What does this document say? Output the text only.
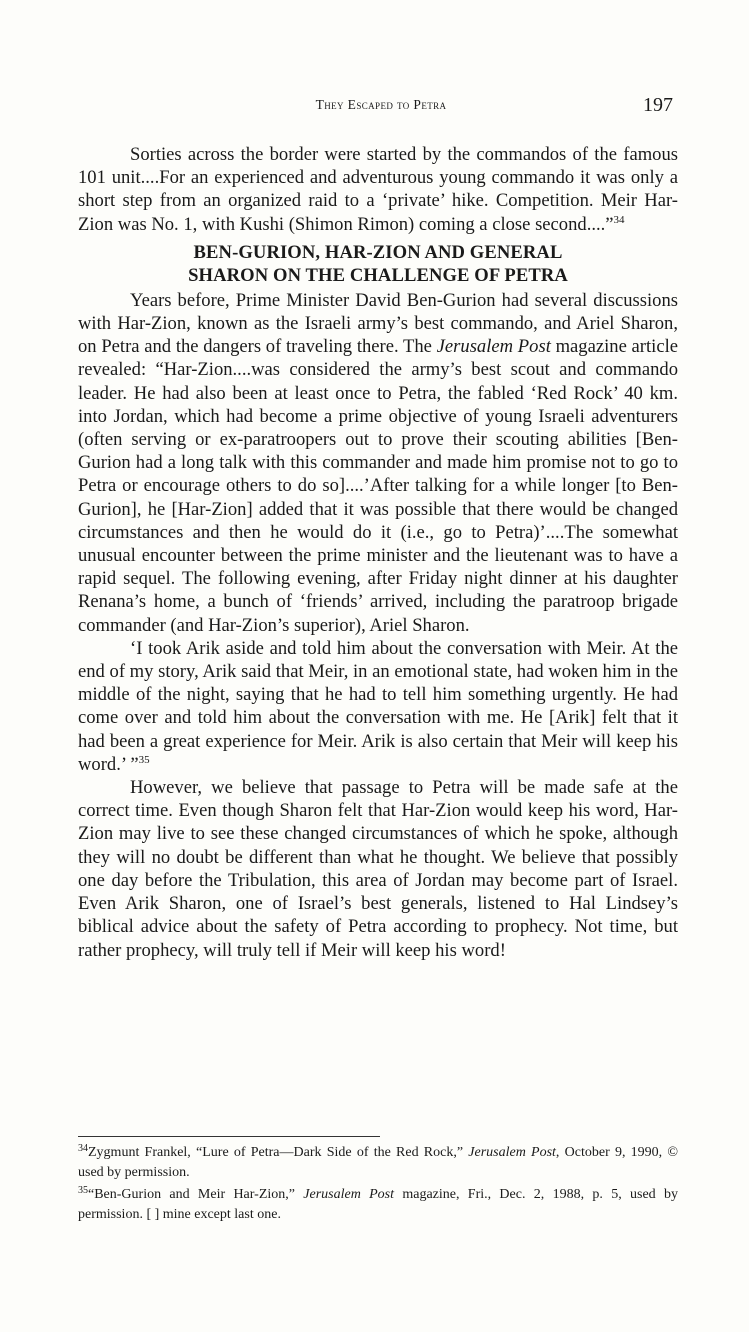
They Escaped to Petra	197

Sorties across the border were started by the commandos of the famous 101 unit....For an experienced and adventurous young commando it was only a short step from an organized raid to a ‘private’ hike. Competition. Meir Har-Zion was No. 1, with Kushi (Shimon Rimon) coming a close second....”$^{34}$

BEN-GURION, HAR-ZION AND GENERAL
SHARON ON THE CHALLENGE OF PETRA

Years before, Prime Minister David Ben-Gurion had several discussions with Har-Zion, known as the Israeli army’s best commando, and Ariel Sharon, on Petra and the dangers of traveling there. The Jerusalem Post magazine article revealed: “Har-Zion....was considered the army’s best scout and commando leader. He had also been at least once to Petra, the fabled ‘Red Rock’ 40 km. into Jordan, which had become a prime objective of young Israeli adventurers (often serving or ex-paratroopers out to prove their scouting abilities [Ben-Gurion had a long talk with this commander and made him promise not to go to Petra or encourage others to do so]....’After talking for a while longer [to Ben-Gurion], he [Har-Zion] added that it was possible that there would be changed circumstances and then he would do it (i.e., go to Petra)’....The somewhat unusual encounter between the prime minister and the lieutenant was to have a rapid sequel. The following evening, after Friday night dinner at his daughter Renana’s home, a bunch of ‘friends’ arrived, including the paratroop brigade commander (and Har-Zion’s superior), Ariel Sharon.

‘I took Arik aside and told him about the conversation with Meir. At the end of my story, Arik said that Meir, in an emotional state, had woken him in the middle of the night, saying that he had to tell him something urgently. He had come over and told him about the conversation with me. He [Arik] felt that it had been a great experience for Meir. Arik is also certain that Meir will keep his word.’ ”$^{35}$

However, we believe that passage to Petra will be made safe at the correct time. Even though Sharon felt that Har-Zion would keep his word, Har-Zion may live to see these changed circumstances of which he spoke, although they will no doubt be different than what he thought. We believe that possibly one day before the Tribulation, this area of Jordan may become part of Israel. Even Arik Sharon, one of Israel’s best generals, listened to Hal Lindsey’s biblical advice about the safety of Petra according to prophecy. Not time, but rather prophecy, will truly tell if Meir will keep his word!

$^{34}$Zygmunt Frankel, “Lure of Petra—Dark Side of the Red Rock,” Jerusalem Post, October 9, 1990, © used by permission.

$^{35}$“Ben-Gurion and Meir Har-Zion,” Jerusalem Post magazine, Fri., Dec. 2, 1988, p. 5, used by permission. [ ] mine except last one.
